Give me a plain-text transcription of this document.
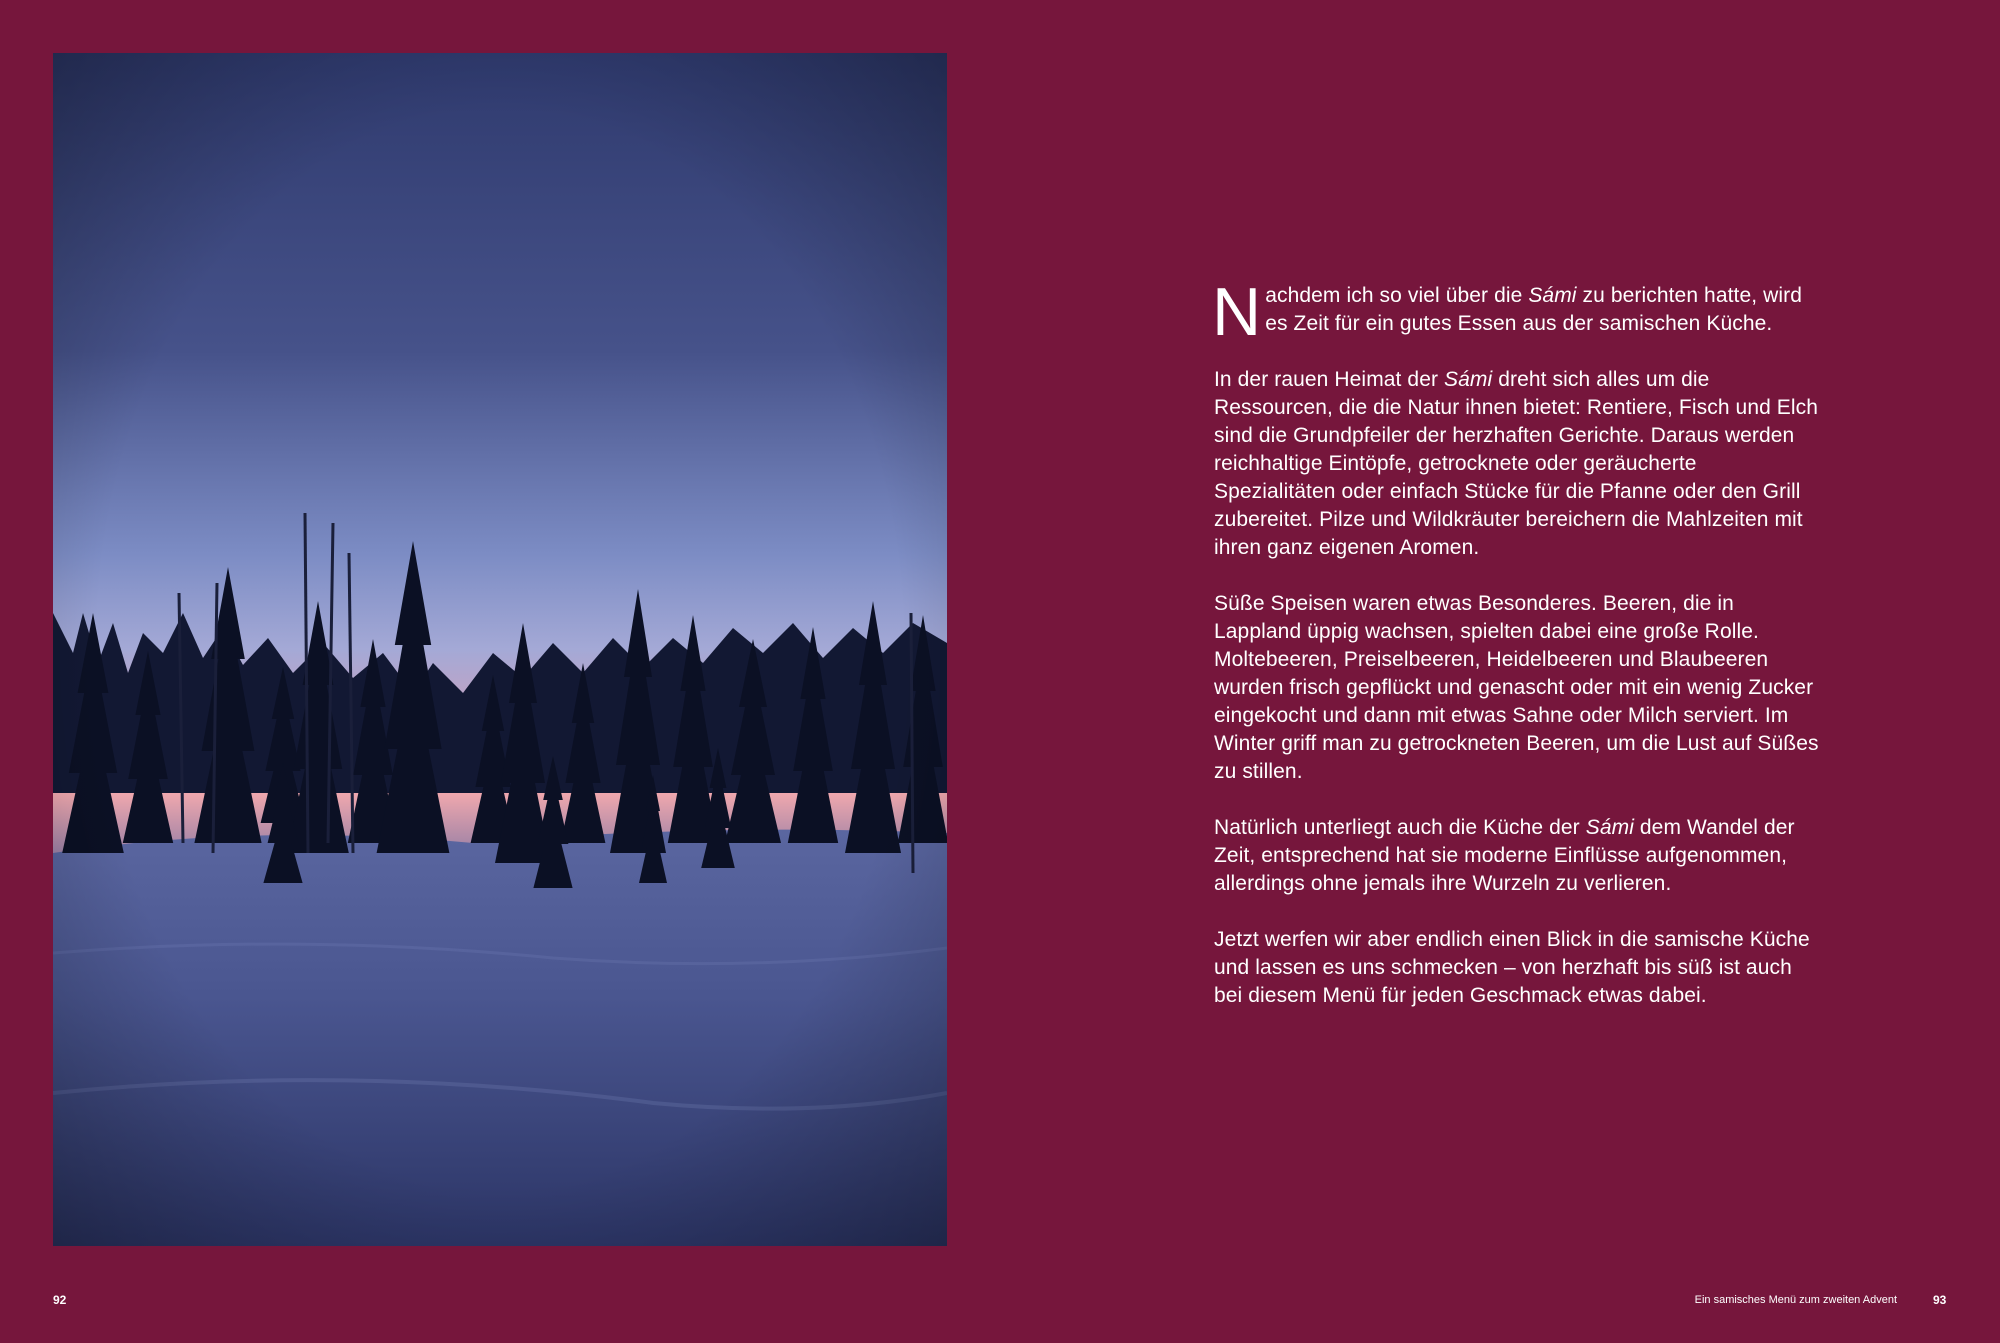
Nachdem ich so viel über die Sámi zu berichten hatte, wird es Zeit für ein gutes Essen aus der samischen Küche.

In der rauen Heimat der Sámi dreht sich alles um die Ressourcen, die die Natur ihnen bietet: Rentiere, Fisch und Elch sind die Grundpfeiler der herzhaften Gerichte. Daraus werden reichhaltige Eintöpfe, getrocknete oder geräucherte Spezialitäten oder einfach Stücke für die Pfanne oder den Grill zubereitet. Pilze und Wildkräuter bereichern die Mahlzeiten mit ihren ganz eigenen Aromen.

Süße Speisen waren etwas Besonderes. Beeren, die in Lappland üppig wachsen, spielten dabei eine große Rolle. Moltebeeren, Preiselbeeren, Heidelbeeren und Blaubeeren wurden frisch gepflückt und genascht oder mit ein wenig Zucker eingekocht und dann mit etwas Sahne oder Milch serviert. Im Winter griff man zu getrockneten Beeren, um die Lust auf Süßes zu stillen.

Natürlich unterliegt auch die Küche der Sámi dem Wandel der Zeit, entsprechend hat sie moderne Einflüsse aufgenommen, allerdings ohne jemals ihre Wurzeln zu verlieren.

Jetzt werfen wir aber endlich einen Blick in die samische Küche und lassen es uns schmecken – von herzhaft bis süß ist auch bei diesem Menü für jeden Geschmack etwas dabei.

92	Ein samisches Menü zum zweiten Advent	93
